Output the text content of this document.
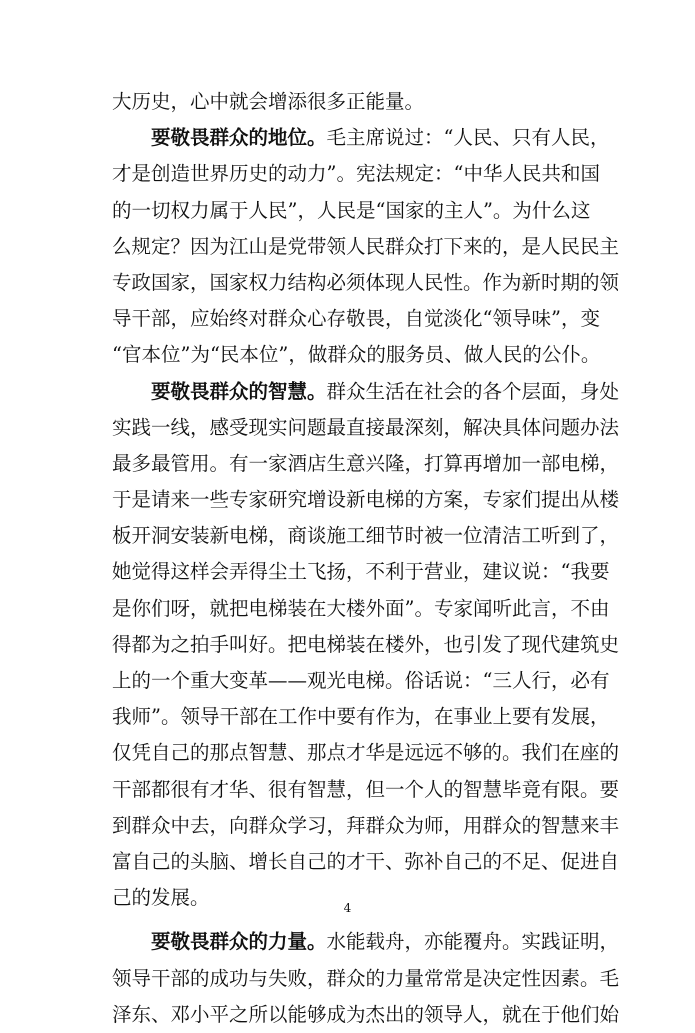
大历史，心中就会增添很多正能量。
要敬畏群众的地位。毛主席说过：“人民、只有人民，
才是创造世界历史的动力”。宪法规定：“中华人民共和国
的一切权力属于人民”，人民是“国家的主人”。为什么这
么规定？因为江山是党带领人民群众打下来的，是人民民主
专政国家，国家权力结构必须体现人民性。作为新时期的领
导干部，应始终对群众心存敬畏，自觉淡化“领导味”，变
“官本位”为“民本位”，做群众的服务员、做人民的公仆。
要敬畏群众的智慧。群众生活在社会的各个层面，身处
实践一线，感受现实问题最直接最深刻，解决具体问题办法
最多最管用。有一家酒店生意兴隆，打算再增加一部电梯，
于是请来一些专家研究增设新电梯的方案，专家们提出从楼
板开洞安装新电梯，商谈施工细节时被一位清洁工听到了，
她觉得这样会弄得尘土飞扬，不利于营业，建议说：“我要
是你们呀，就把电梯装在大楼外面”。专家闻听此言，不由
得都为之拍手叫好。把电梯装在楼外，也引发了现代建筑史
上的一个重大变革——观光电梯。俗话说：“三人行，必有
我师”。领导干部在工作中要有作为，在事业上要有发展，
仅凭自己的那点智慧、那点才华是远远不够的。我们在座的
干部都很有才华、很有智慧，但一个人的智慧毕竟有限。要
到群众中去，向群众学习，拜群众为师，用群众的智慧来丰
富自己的头脑、增长自己的才干、弥补自己的不足、促进自
己的发展。
要敬畏群众的力量。水能载舟，亦能覆舟。实践证明，
领导干部的成功与失败，群众的力量常常是决定性因素。毛
泽东、邓小平之所以能够成为杰出的领导人，就在于他们始
4
